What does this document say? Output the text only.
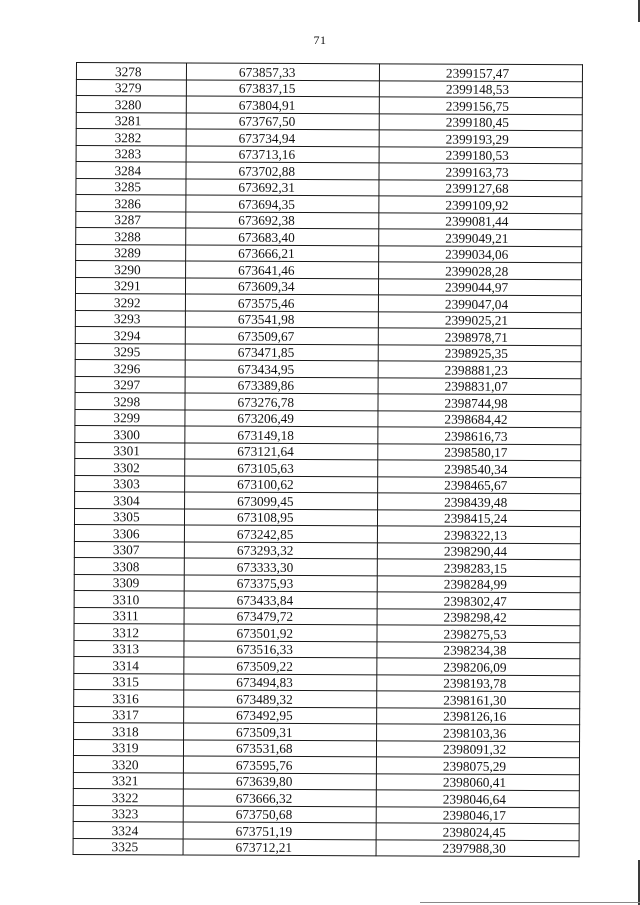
71
3278	673857,33	2399157,47
3279	673837,15	2399148,53
3280	673804,91	2399156,75
3281	673767,50	2399180,45
3282	673734,94	2399193,29
3283	673713,16	2399180,53
3284	673702,88	2399163,73
3285	673692,31	2399127,68
3286	673694,35	2399109,92
3287	673692,38	2399081,44
3288	673683,40	2399049,21
3289	673666,21	2399034,06
3290	673641,46	2399028,28
3291	673609,34	2399044,97
3292	673575,46	2399047,04
3293	673541,98	2399025,21
3294	673509,67	2398978,71
3295	673471,85	2398925,35
3296	673434,95	2398881,23
3297	673389,86	2398831,07
3298	673276,78	2398744,98
3299	673206,49	2398684,42
3300	673149,18	2398616,73
3301	673121,64	2398580,17
3302	673105,63	2398540,34
3303	673100,62	2398465,67
3304	673099,45	2398439,48
3305	673108,95	2398415,24
3306	673242,85	2398322,13
3307	673293,32	2398290,44
3308	673333,30	2398283,15
3309	673375,93	2398284,99
3310	673433,84	2398302,47
3311	673479,72	2398298,42
3312	673501,92	2398275,53
3313	673516,33	2398234,38
3314	673509,22	2398206,09
3315	673494,83	2398193,78
3316	673489,32	2398161,30
3317	673492,95	2398126,16
3318	673509,31	2398103,36
3319	673531,68	2398091,32
3320	673595,76	2398075,29
3321	673639,80	2398060,41
3322	673666,32	2398046,64
3323	673750,68	2398046,17
3324	673751,19	2398024,45
3325	673712,21	2397988,30
